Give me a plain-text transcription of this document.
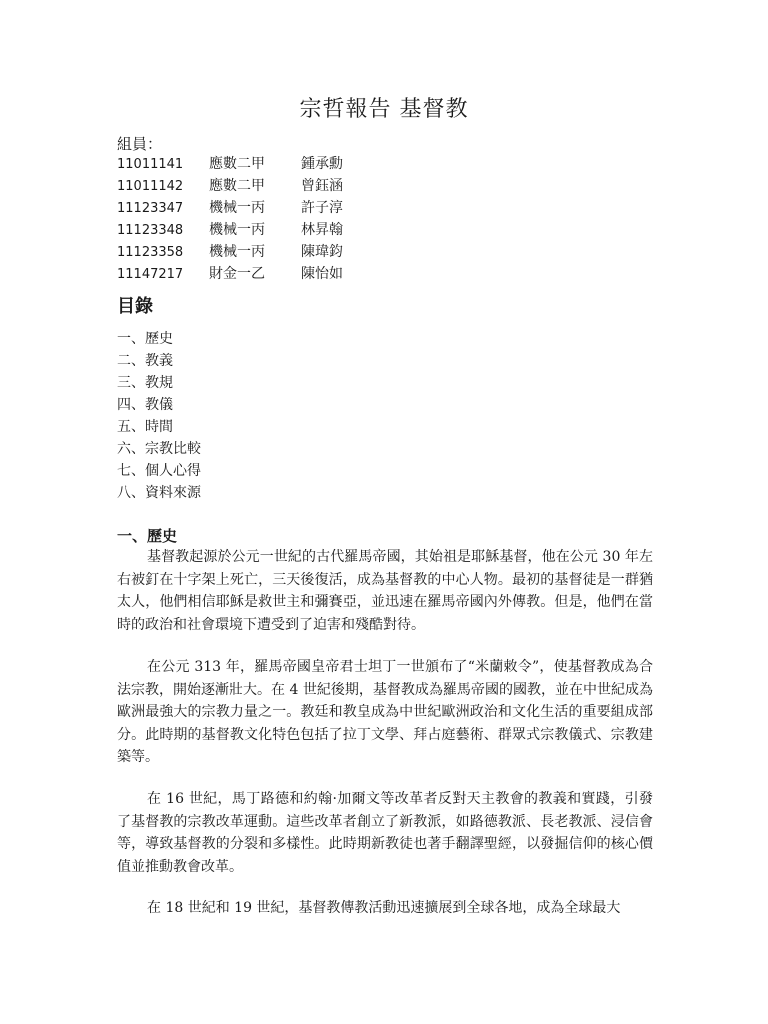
宗哲報告 基督教
組員：
11011141 應數二甲	鍾承勳
11011142 應數二甲	曾鈺涵
11123347 機械一丙	許子淳
11123348 機械一丙	林昇翰
11123358 機械一丙	陳瑋鈞
11147217 財金一乙	陳怡如
目錄
一、歷史
二、教義
三、教規
四、教儀
五、時間
六、宗教比較
七、個人心得
八、資料來源
一、歷史

基督教起源於公元一世紀的古代羅馬帝國，其始祖是耶穌基督，他在公元 30 年左右被釘在十字架上死亡，三天後復活，成為基督教的中心人物。最初的基督徒是一群猶太人，他們相信耶穌是救世主和彌賽亞，並迅速在羅馬帝國內外傳教。但是，他們在當時的政治和社會環境下遭受到了迫害和殘酷對待。

在公元 313 年，羅馬帝國皇帝君士坦丁一世頒布了“米蘭敕令”，使基督教成為合法宗教，開始逐漸壯大。在 4 世紀後期，基督教成為羅馬帝國的國教，並在中世紀成為歐洲最強大的宗教力量之一。教廷和教皇成為中世紀歐洲政治和文化生活的重要組成部分。此時期的基督教文化特色包括了拉丁文學、拜占庭藝術、群眾式宗教儀式、宗教建築等。

在 16 世紀，馬丁路德和約翰·加爾文等改革者反對天主教會的教義和實踐，引發了基督教的宗教改革運動。這些改革者創立了新教派，如路德教派、長老教派、浸信會等，導致基督教的分裂和多樣性。此時期新教徒也著手翻譯聖經，以發掘信仰的核心價值並推動教會改革。

在 18 世紀和 19 世紀，基督教傳教活動迅速擴展到全球各地，成為全球最大
